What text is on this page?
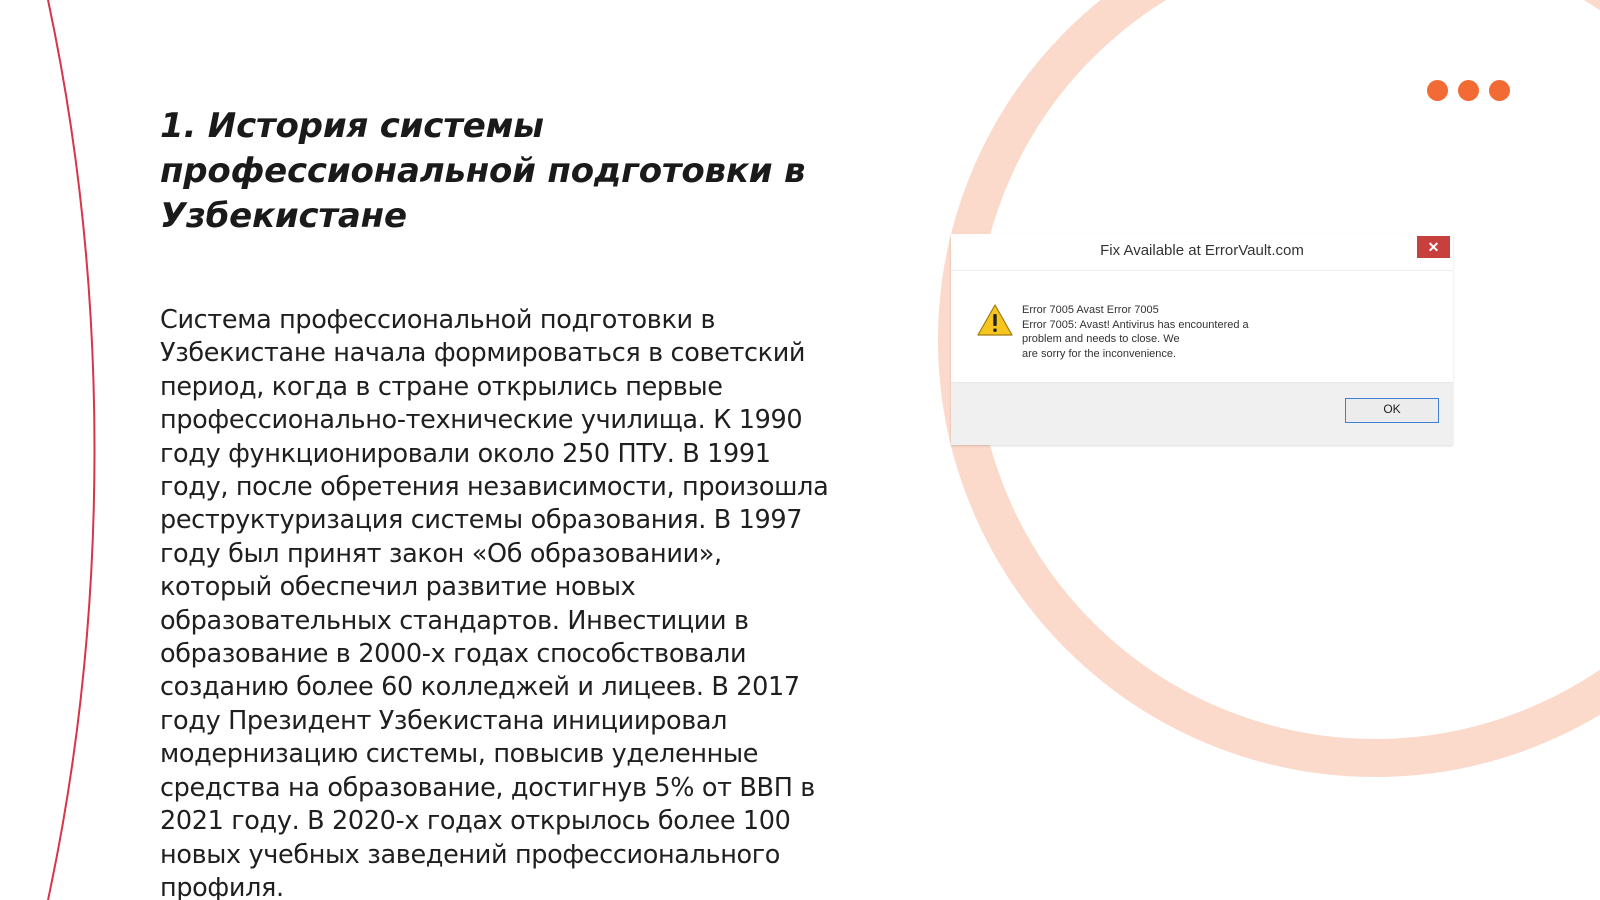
1. История системы профессиональной подготовки в Узбекистане

Система профессиональной подготовки в Узбекистане начала формироваться в советский период, когда в стране открылись первые профессионально-технические училища. К 1990 году функционировали около 250 ПТУ. В 1991 году, после обретения независимости, произошла реструктуризация системы образования. В 1997 году был принят закон «Об образовании», который обеспечил развитие новых образовательных стандартов. Инвестиции в образование в 2000-х годах способствовали созданию более 60 колледжей и лицеев. В 2017 году Президент Узбекистана инициировал модернизацию системы, повысив уделенные средства на образование, достигнув 5% от ВВП в 2021 году. В 2020-х годах открылось более 100 новых учебных заведений профессионального профиля.

Fix Available at ErrorVault.com	✕
Error 7005 Avast Error 7005
Error 7005: Avast! Antivirus has encountered a
problem and needs to close. We
are sorry for the inconvenience.
OK
